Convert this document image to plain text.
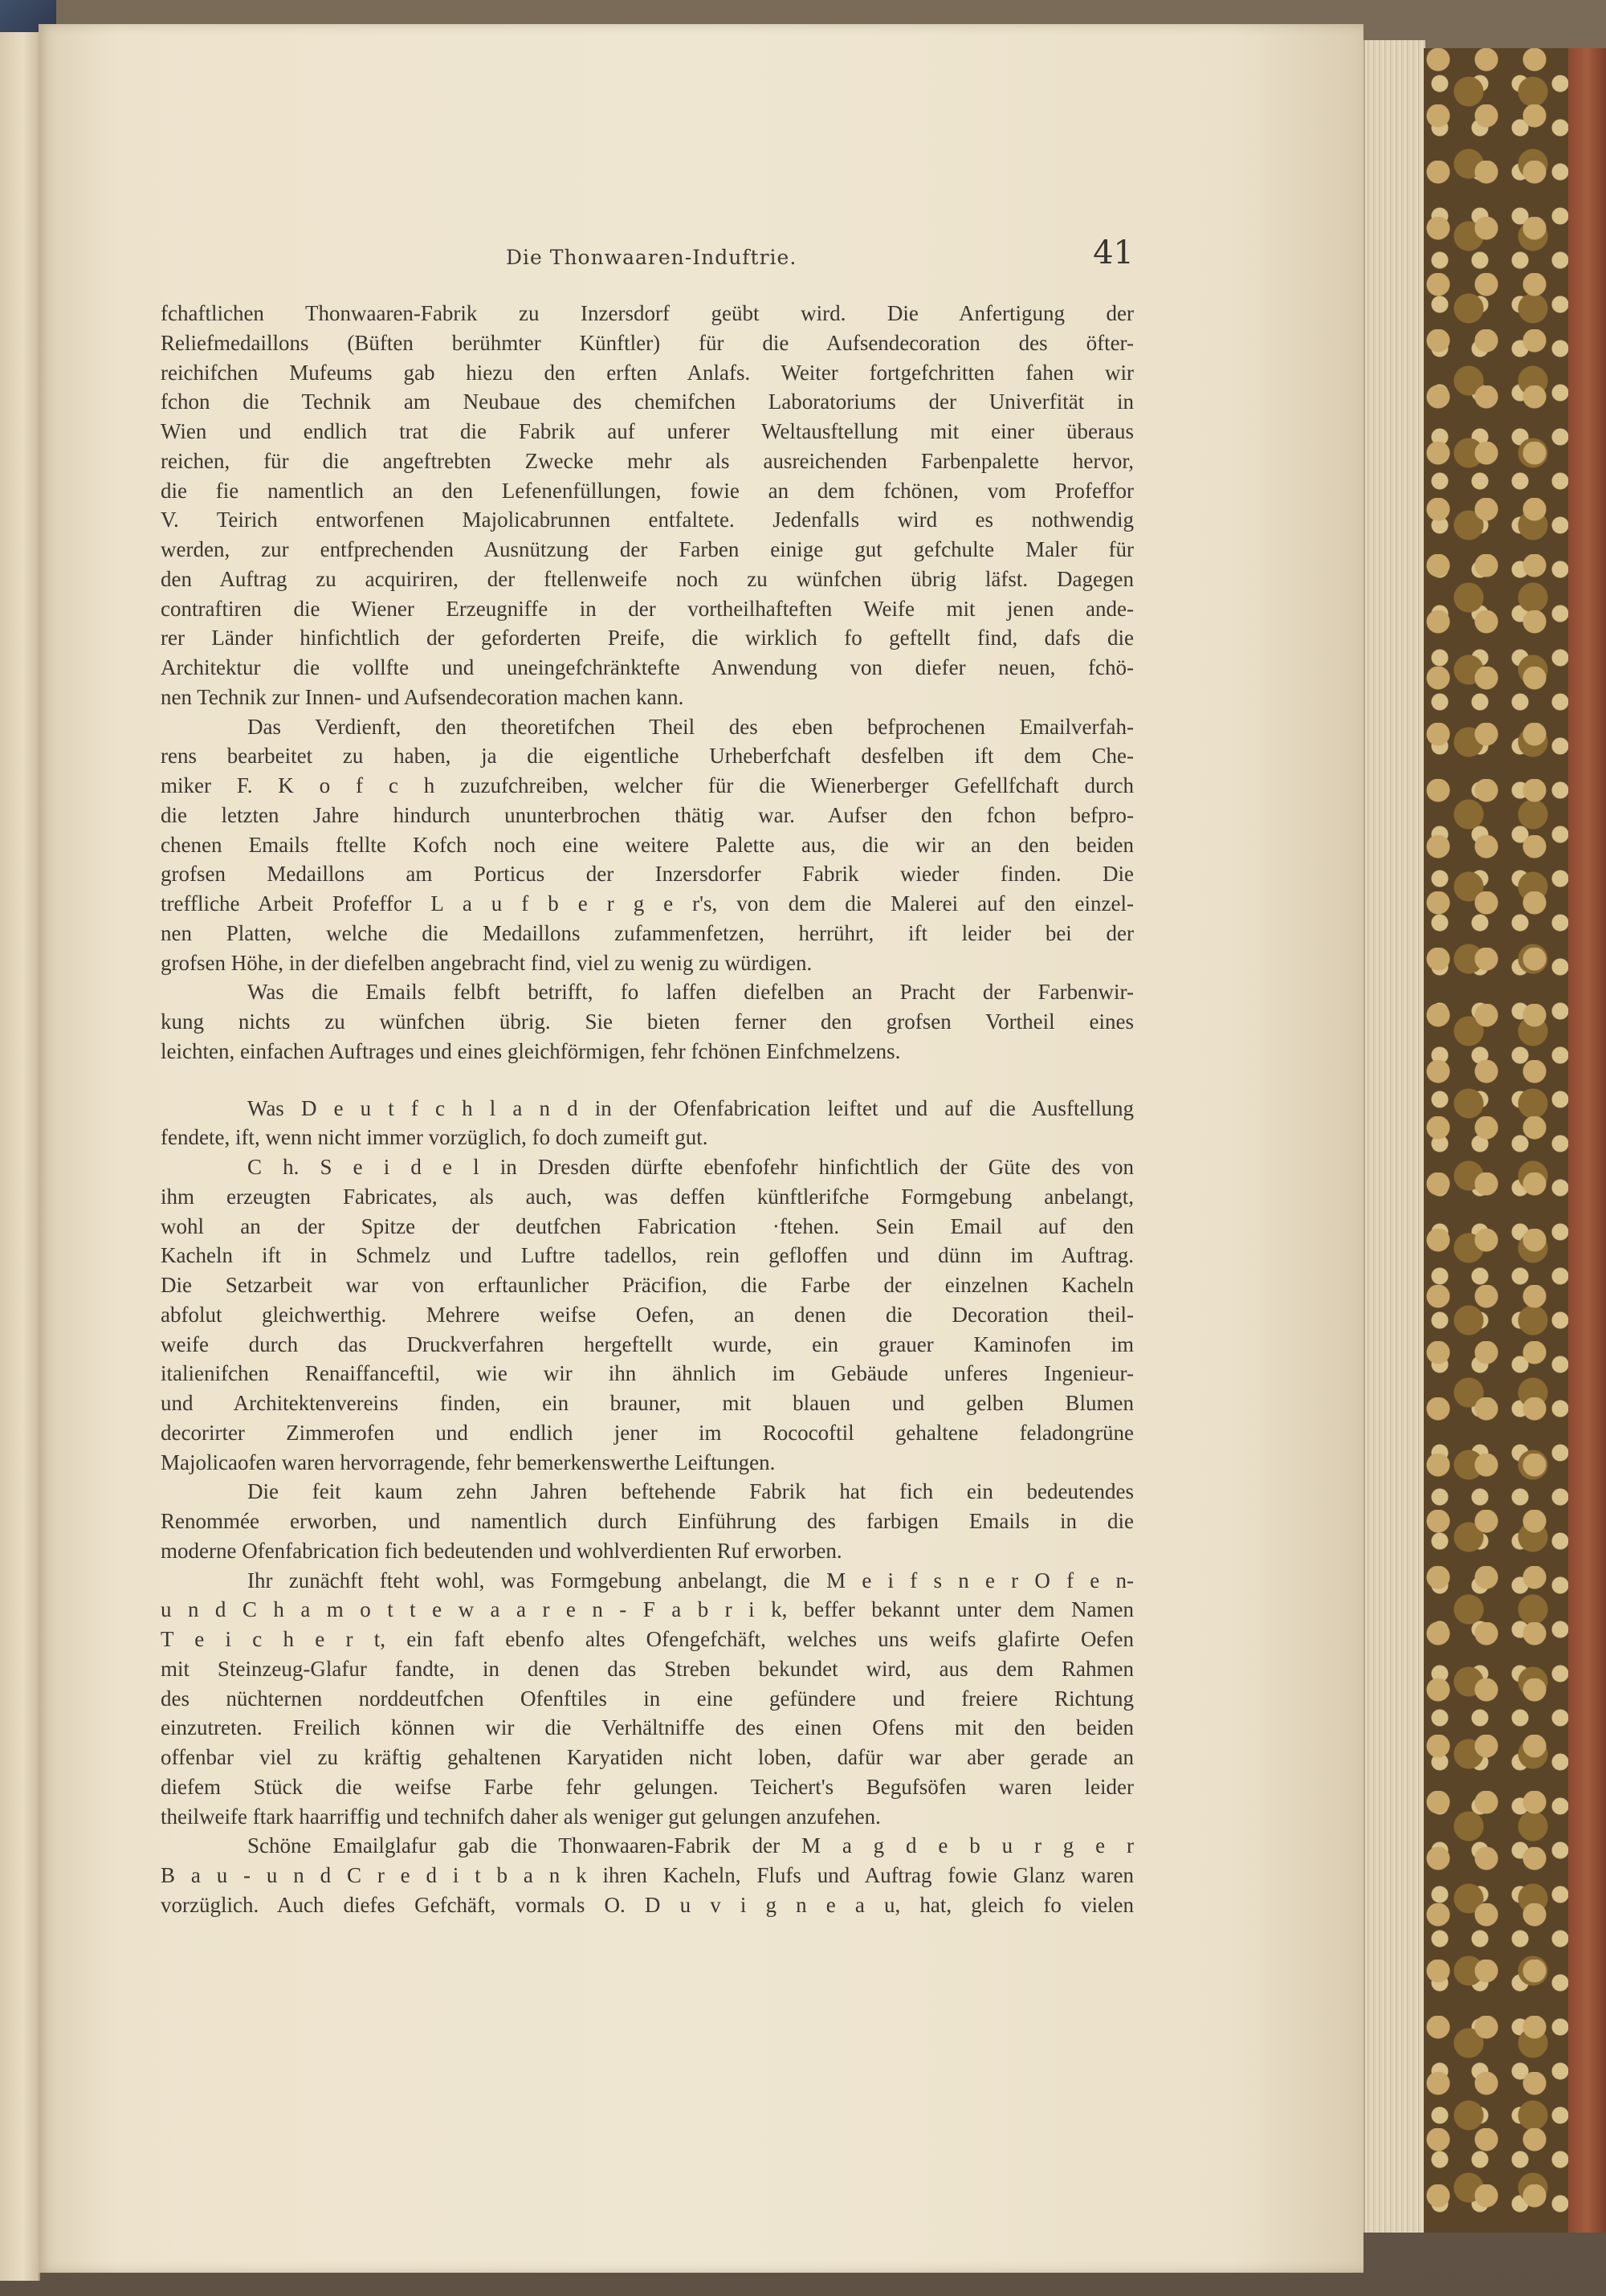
Die Thonwaaren-Induftrie.	41
fchaftlichen Thonwaaren-Fabrik zu Inzersdorf geübt wird. Die Anfertigung der
Reliefmedaillons (Büften berühmter Künftler) für die Aufsendecoration des öfter-
reichifchen Mufeums gab hiezu den erften Anlafs. Weiter fortgefchritten fahen wir
fchon die Technik am Neubaue des chemifchen Laboratoriums der Univerfität in
Wien und endlich trat die Fabrik auf unferer Weltausftellung mit einer überaus
reichen, für die angeftrebten Zwecke mehr als ausreichenden Farbenpalette hervor,
die fie namentlich an den Lefenenfüllungen, fowie an dem fchönen, vom Profeffor
V. Teirich entworfenen Majolicabrunnen entfaltete. Jedenfalls wird es nothwendig
werden, zur entfprechenden Ausnützung der Farben einige gut gefchulte Maler für
den Auftrag zu acquiriren, der ftellenweife noch zu wünfchen übrig läfst. Dagegen
contraftiren die Wiener Erzeugniffe in der vortheilhafteften Weife mit jenen ande-
rer Länder hinfichtlich der geforderten Preife, die wirklich fo geftellt find, dafs die
Architektur die vollfte und uneingefchränktefte Anwendung von diefer neuen, fchö-
nen Technik zur Innen- und Aufsendecoration machen kann.
Das Verdienft, den theoretifchen Theil des eben befprochenen Emailverfah-
rens bearbeitet zu haben, ja die eigentliche Urheberfchaft desfelben ift dem Che-
miker F. K o f c h zuzufchreiben, welcher für die Wienerberger Gefellfchaft durch
die letzten Jahre hindurch ununterbrochen thätig war. Aufser den fchon befpro-
chenen Emails ftellte Kofch noch eine weitere Palette aus, die wir an den beiden
grofsen Medaillons am Porticus der Inzersdorfer Fabrik wieder finden. Die
treffliche Arbeit Profeffor L a u f b e r g e r's, von dem die Malerei auf den einzel-
nen Platten, welche die Medaillons zufammenfetzen, herrührt, ift leider bei der
grofsen Höhe, in der diefelben angebracht find, viel zu wenig zu würdigen.
Was die Emails felbft betrifft, fo laffen diefelben an Pracht der Farbenwir-
kung nichts zu wünfchen übrig. Sie bieten ferner den grofsen Vortheil eines
leichten, einfachen Auftrages und eines gleichförmigen, fehr fchönen Einfchmelzens.
Was D e u t f c h l a n d in der Ofenfabrication leiftet und auf die Ausftellung
fendete, ift, wenn nicht immer vorzüglich, fo doch zumeift gut.
C h. S e i d e l in Dresden dürfte ebenfofehr hinfichtlich der Güte des von
ihm erzeugten Fabricates, als auch, was deffen künftlerifche Formgebung anbelangt,
wohl an der Spitze der deutfchen Fabrication ·ftehen. Sein Email auf den
Kacheln ift in Schmelz und Luftre tadellos, rein gefloffen und dünn im Auftrag.
Die Setzarbeit war von erftaunlicher Präcifion, die Farbe der einzelnen Kacheln
abfolut gleichwerthig. Mehrere weifse Oefen, an denen die Decoration theil-
weife durch das Druckverfahren hergeftellt wurde, ein grauer Kaminofen im
italienifchen Renaiffanceftil, wie wir ihn ähnlich im Gebäude unferes Ingenieur-
und Architektenvereins finden, ein brauner, mit blauen und gelben Blumen
decorirter Zimmerofen und endlich jener im Rococoftil gehaltene feladongrüne
Majolicaofen waren hervorragende, fehr bemerkenswerthe Leiftungen.
Die feit kaum zehn Jahren beftehende Fabrik hat fich ein bedeutendes
Renommée erworben, und namentlich durch Einführung des farbigen Emails in die
moderne Ofenfabrication fich bedeutenden und wohlverdienten Ruf erworben.
Ihr zunächft fteht wohl, was Formgebung anbelangt, die M e i f s n e r O f e n-
u n d C h a m o t t e w a a r e n - F a b r i k, beffer bekannt unter dem Namen
T e i c h e r t, ein faft ebenfo altes Ofengefchäft, welches uns weifs glafirte Oefen
mit Steinzeug-Glafur fandte, in denen das Streben bekundet wird, aus dem Rahmen
des nüchternen norddeutfchen Ofenftiles in eine gefündere und freiere Richtung
einzutreten. Freilich können wir die Verhältniffe des einen Ofens mit den beiden
offenbar viel zu kräftig gehaltenen Karyatiden nicht loben, dafür war aber gerade an
diefem Stück die weifse Farbe fehr gelungen. Teichert's Begufsöfen waren leider
theilweife ftark haarriffig und technifch daher als weniger gut gelungen anzufehen.
Schöne Emailglafur gab die Thonwaaren-Fabrik der M a g d e b u r g e r
B a u - u n d C r e d i t b a n k ihren Kacheln, Flufs und Auftrag fowie Glanz waren
vorzüglich. Auch diefes Gefchäft, vormals O. D u v i g n e a u, hat, gleich fo vielen
